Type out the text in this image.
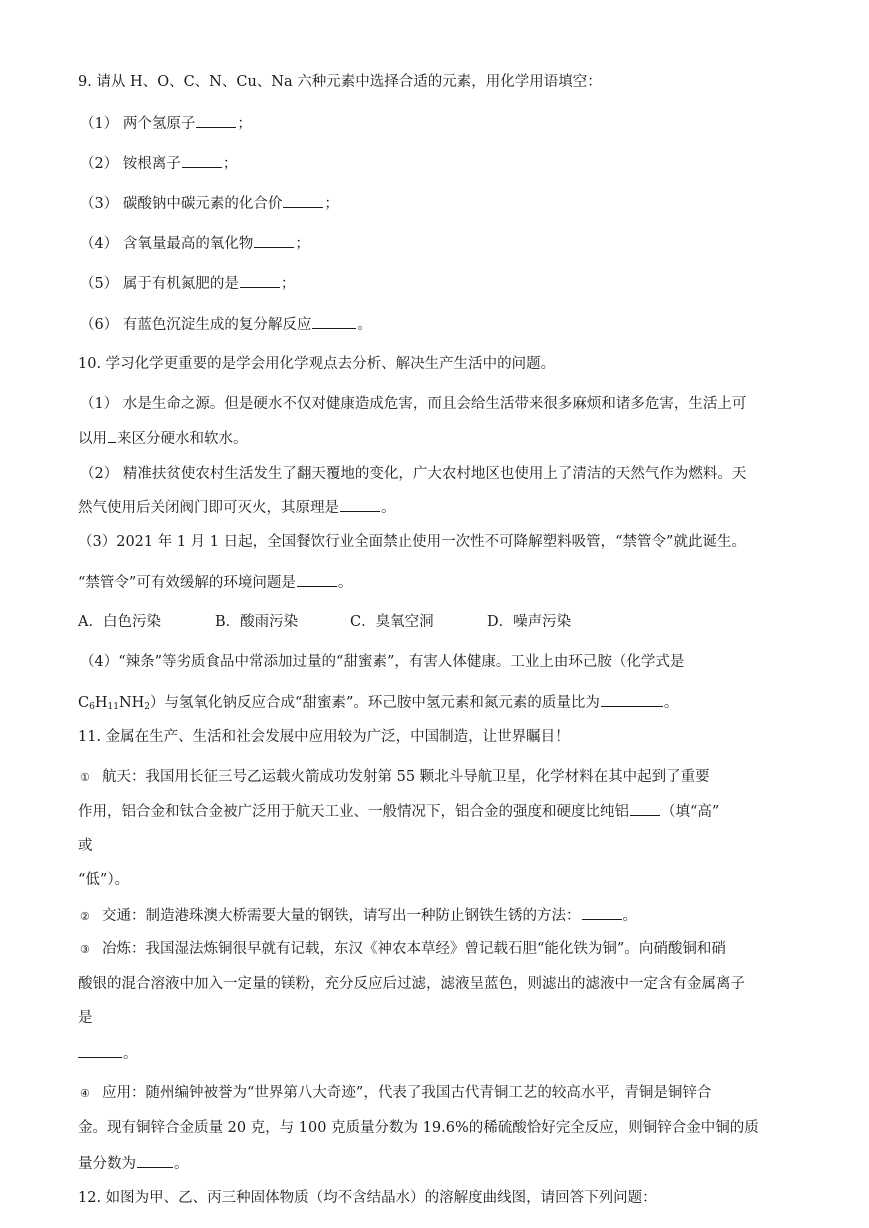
9. 请从 H、O、C、N、Cu、Na 六种元素中选择合适的元素，用化学用语填空：
（1） 两个氢原子	；
（2） 铵根离子	；
（3） 碳酸钠中碳元素的化合价	；
（4） 含氧量最高的氧化物	；
（5） 属于有机氮肥的是	；
（6） 有蓝色沉淀生成的复分解反应	。
10. 学习化学更重要的是学会用化学观点去分析、解决生产生活中的问题。
（1） 水是生命之源。但是硬水不仅对健康造成危害，而且会给生活带来很多麻烦和诸多危害，生活上可
以用 来区分硬水和软水。
（2） 精准扶贫使农村生活发生了翻天覆地的变化，广大农村地区也使用上了清洁的天然气作为燃料。天
然气使用后关闭阀门即可灭火，其原理是	。
（3）2021 年 1 月 1 日起，全国餐饮行业全面禁止使用一次性不可降解塑料吸管，“禁管令”就此诞生。
“禁管令”可有效缓解的环境问题是	。
A．白色污染	B．酸雨污染	C．臭氧空洞	D．噪声污染
（4）“辣条”等劣质食品中常添加过量的“甜蜜素”，有害人体健康。工业上由环己胺（化学式是
$C_6H_{11}NH_2$）与氢氧化钠反应合成“甜蜜素”。环己胺中氢元素和氮元素的质量比为	。
11. 金属在生产、生活和社会发展中应用较为广泛，中国制造，让世界瞩目！
① 航天：我国用长征三号乙运载火箭成功发射第 55 颗北斗导航卫星，化学材料在其中起到了重要
作用，铝合金和钛合金被广泛用于航天工业、一般情况下，铝合金的强度和硬度比纯铝 （填“高”
或
“低”）。
② 交通：制造港珠澳大桥需要大量的钢铁，请写出一种防止钢铁生锈的方法：	。
③ 冶炼：我国湿法炼铜很早就有记载，东汉《神农本草经》曾记载石胆“能化铁为铜”。向硝酸铜和硝
酸银的混合溶液中加入一定量的镁粉，充分反应后过滤，滤液呈蓝色，则滤出的滤液中一定含有金属离子
是
。
④ 应用：随州编钟被誉为“世界第八大奇迹”，代表了我国古代青铜工艺的较高水平，青铜是铜锌合
金。现有铜锌合金质量 20 克，与 100 克质量分数为 19.6%的稀硫酸恰好完全反应，则铜锌合金中铜的质
量分数为	。
12. 如图为甲、乙、丙三种固体物质（均不含结晶水）的溶解度曲线图，请回答下列问题：
